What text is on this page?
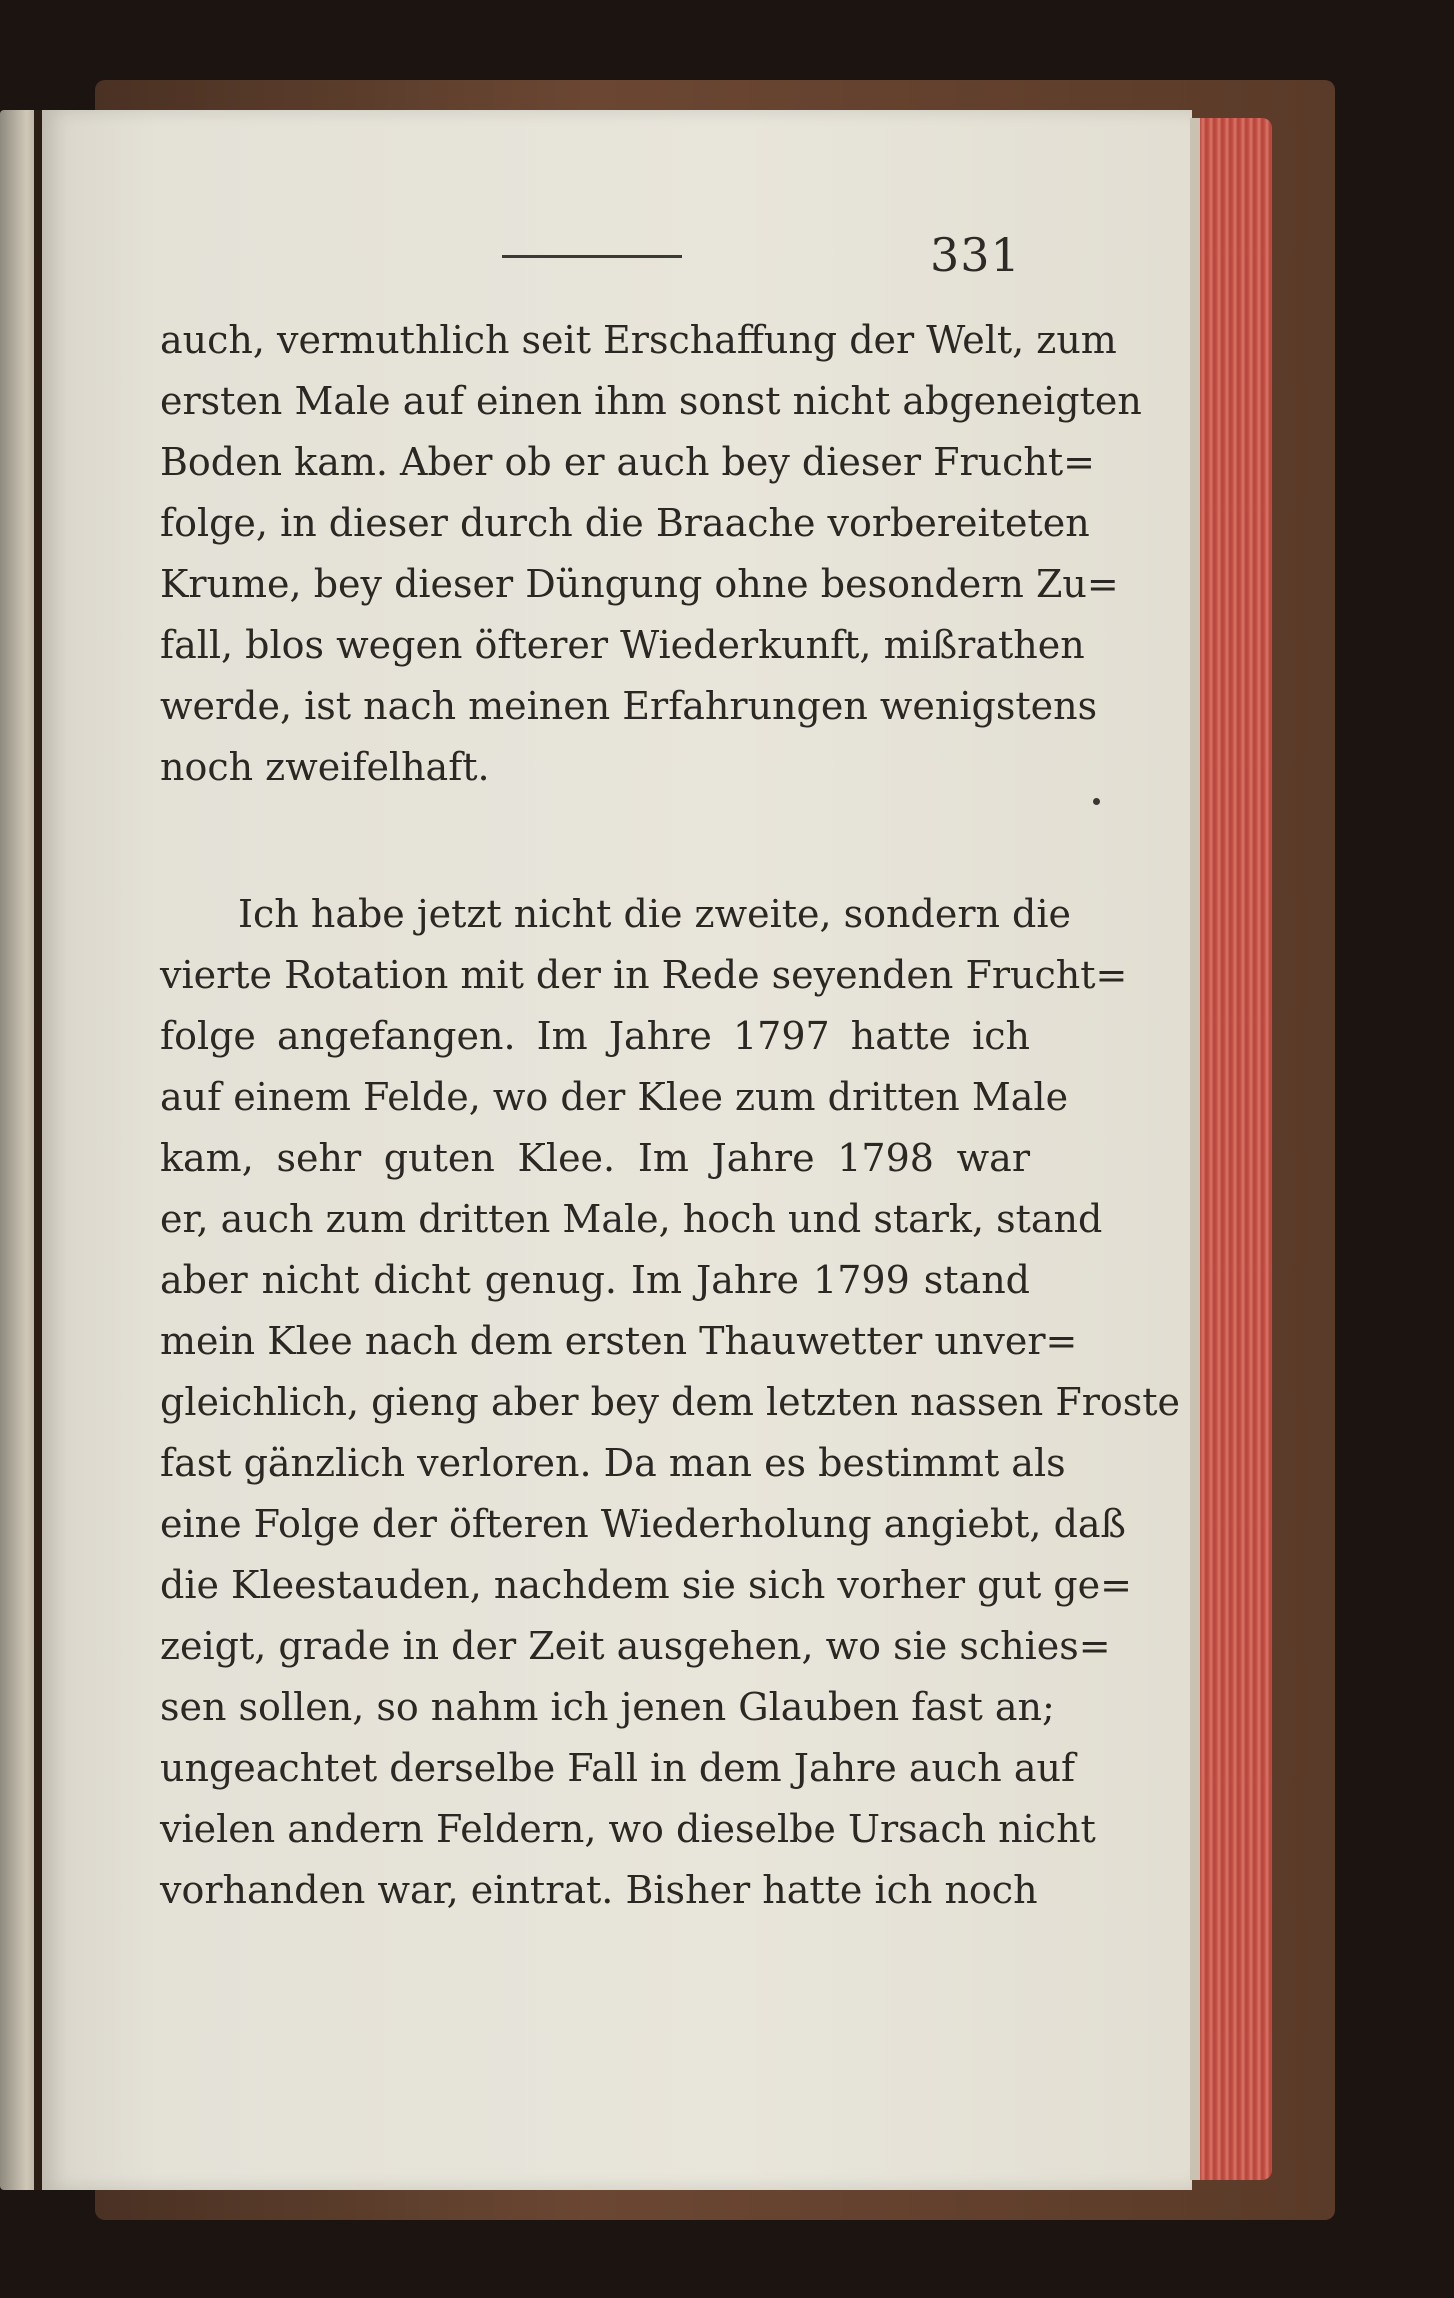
331
auch, vermuthlich seit Erschaffung der Welt, zum
ersten Male auf einen ihm sonst nicht abgeneigten
Boden kam. Aber ob er auch bey dieser Frucht=
folge, in dieser durch die Braache vorbereiteten
Krume, bey dieser Düngung ohne besondern Zu=
fall, blos wegen öfterer Wiederkunft, mißrathen
werde, ist nach meinen Erfahrungen wenigstens
noch zweifelhaft.
Ich habe jetzt nicht die zweite, sondern die
vierte Rotation mit der in Rede seyenden Frucht=
folge angefangen. Im Jahre 1797 hatte ich
auf einem Felde, wo der Klee zum dritten Male
kam, sehr guten Klee. Im Jahre 1798 war
er, auch zum dritten Male, hoch und stark, stand
aber nicht dicht genug. Im Jahre 1799 stand
mein Klee nach dem ersten Thauwetter unver=
gleichlich, gieng aber bey dem letzten nassen Froste
fast gänzlich verloren. Da man es bestimmt als
eine Folge der öfteren Wiederholung angiebt, daß
die Kleestauden, nachdem sie sich vorher gut ge=
zeigt, grade in der Zeit ausgehen, wo sie schies=
sen sollen, so nahm ich jenen Glauben fast an;
ungeachtet derselbe Fall in dem Jahre auch auf
vielen andern Feldern, wo dieselbe Ursach nicht
vorhanden war, eintrat. Bisher hatte ich noch
